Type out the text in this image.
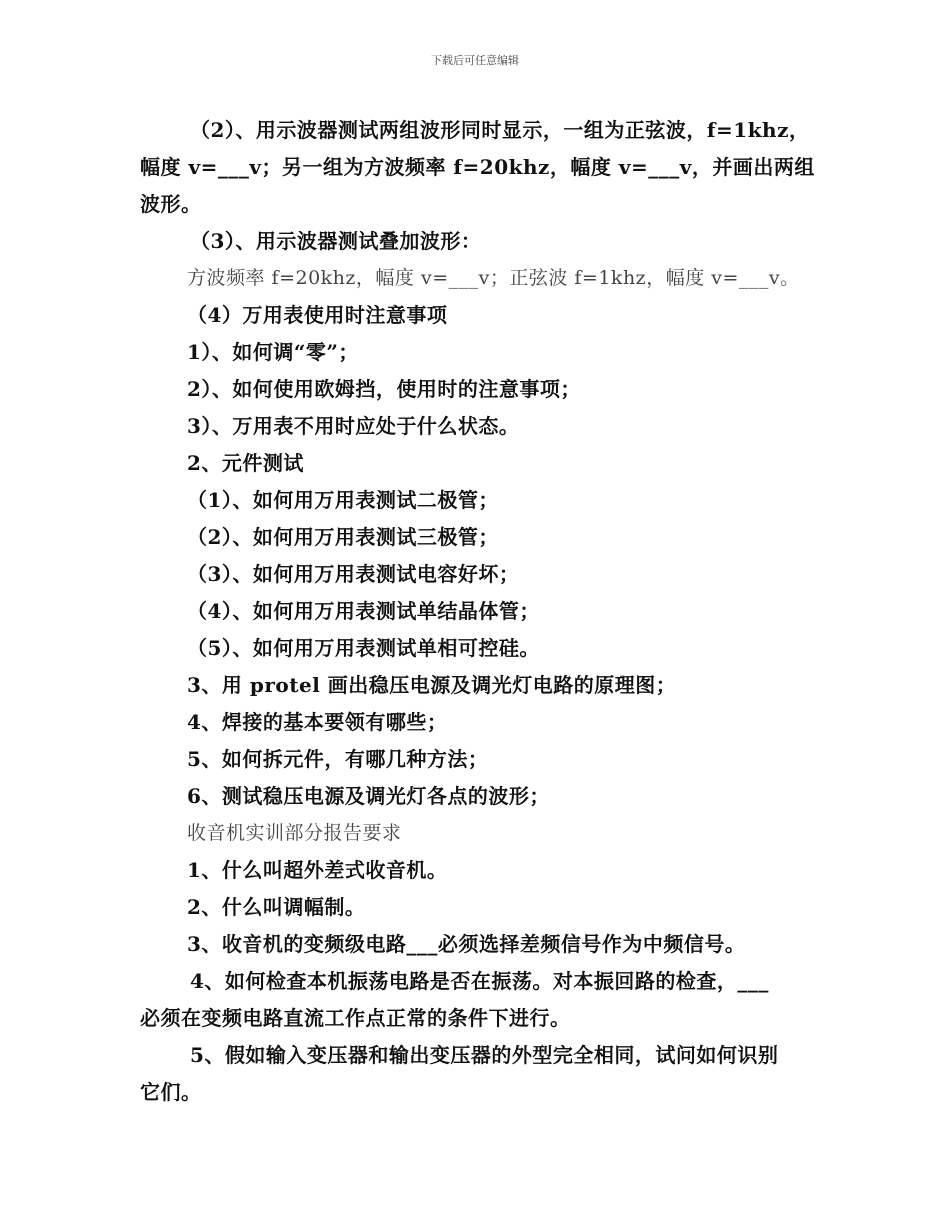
下载后可任意编辑

（2）、用示波器测试两组波形同时显示，一组为正弦波，f=1khz，

幅度 v=___v；另一组为方波频率 f=20khz，幅度 v=___v，并画出两组

波形。

（3）、用示波器测试叠加波形：

方波频率 f=20khz，幅度 v=___v；正弦波 f=1khz，幅度 v=___v。

（4）万用表使用时注意事项

1）、如何调“零”；

2）、如何使用欧姆挡，使用时的注意事项；

3）、万用表不用时应处于什么状态。

2、元件测试

（1）、如何用万用表测试二极管；

（2）、如何用万用表测试三极管；

（3）、如何用万用表测试电容好坏；

（4）、如何用万用表测试单结晶体管；

（5）、如何用万用表测试单相可控硅。

3、用 protel 画出稳压电源及调光灯电路的原理图；

4、焊接的基本要领有哪些；

5、如何拆元件，有哪几种方法；

6、测试稳压电源及调光灯各点的波形；

收音机实训部分报告要求

1、什么叫超外差式收音机。

2、什么叫调幅制。

3、收音机的变频级电路___必须选择差频信号作为中频信号。

4、如何检查本机振荡电路是否在振荡。对本振回路的检查，___

必须在变频电路直流工作点正常的条件下进行。

5、假如输入变压器和输出变压器的外型完全相同，试问如何识别

它们。
